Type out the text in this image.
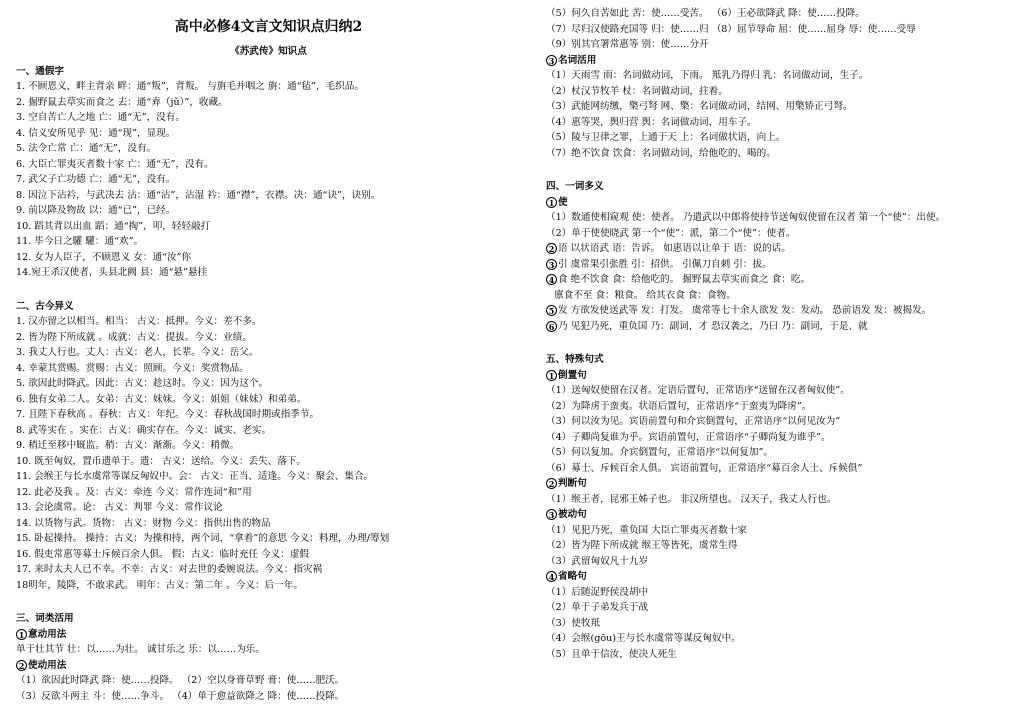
高中必修4文言文知识点归纳2
《苏武传》知识点
一、通假字
1. 不顾恩义，畔主背亲 畔：通“叛”，背叛。 与旃毛并咽之 旃：通“毡”，毛织品。
2. 掘野鼠去草实而食之 去：通“弆（jǔ）”，收藏。
3. 空自苦亡人之地 亡：通“无”，没有。
4. 信义安所见乎 见：通“现”，显现。
5. 法令亡常 亡：通“无”，没有。
6. 大臣亡罪夷灭者数十家 亡：通“无”，没有。
7. 武父子亡功德 亡：通“无”，没有。
8. 因泣下沾衿，与武决去 沾：通“沾”，沾湿 衿：通“襟”，衣襟。决：通“诀”，诀别。
9. 前以降及物故 以：通“已”，已经。
10. 蹈其背以出血 蹈：通“掏”，叩，轻轻敲打
11. 毕今日之驩 驩：通“欢”。
12. 女为人臣子，不顾恩义 女：通“汝”你
14.宛王杀汉使者，头县北阙 县：通“悬”悬挂
二、古今异义
1. 汉亦留之以相当。相当： 古义：抵押。今义：差不多。
2. 皆为陛下所成就 。成就：古义：提拔。今义：业绩。
3. 我丈人行也。丈人：古义：老人，长辈。今义：岳父。
4. 幸蒙其赏赐。赏赐：古义：照顾。今义：奖赏物品。
5. 欲因此时降武。因此：古义：趁这时。今义：因为这个。
6. 独有女弟二人。女弟：古义：妹妹。今义：姐姐（妹妹）和弟弟。
7. 且陛下春秋高 。春秋：古义：年纪。今义：春秋战国时期或指季节。
8. 武等实在 。实在：古义：确实存在。今义：诚实、老实。
9. 稍迁至移中厩监。稍：古义：渐渐。今义：稍微。
10. 既至匈奴，置币遗单于。遗： 古义：送给。今义：丢失、落下。
11. 会缑王与长水虞常等谋反匈奴中。会： 古义：正当、适逢。今义：聚会、集合。
12. 此必及我 。及：古义：牵连 今义：常作连词“和”用
13. 会论虞常。论： 古义：判罪 今义：常作议论
14. 以货物与武。货物： 古义：财物 今义：指供出售的物品
15. 卧起操持。 操持：古义：为操和持，两个词，“拿着”的意思 今义：料理，办理/筹划
16. 假吏常惠等募士斥候百余人俱。 假：古义：临时充任 今义：虚假
17. 来时太夫人已不幸。不幸：古义：对去世的委婉说法。今义：指灾祸
18明年，陵降，不敢求武。 明年：古义：第二年 。今义：后一年。
三、词类活用
1 意动用法
单于壮其节 壮：以……为壮。 诚甘乐之 乐：以……为乐。
2 使动用法
（1）欲因此时降武 降：使……投降。 （2）空以身膏草野 膏：使……肥沃。
（3）反欲斗两主 斗：使……争斗。 （4）单于愈益欲降之 降：使……投降。
（5）何久自苦如此 苦：使……受苦。 （6）王必欲降武 降：使……投降。
（7）尽归汉使路充国等 归：使……归 （8）屈节辱命 屈：使……屈身 辱：使……受辱
（9）别其官署常惠等 别：使……分开
3 名词活用
（1）天雨雪 雨：名词做动词，下雨。 羝乳乃得归 乳：名词做动词，生子。
（2）杖汉节牧羊 杖：名词做动词，拄着。
（3）武能网纺缴，檠弓弩 网、檠：名词做动词，结网、用檠矫正弓弩。
（4）惠等哭，舆归营 舆：名词做动词，用车子。
（5）陵与卫律之罪，上通于天 上：名词做状语，向上。
（7）绝不饮食 饮食：名词做动词，给他吃的、喝的。
四、一词多义
1 使
（1）数通使相窥观 使：使者。 乃遣武以中郎将使持节送匈奴使留在汉者 第一个“使”：出使。
（2）单于使使晓武 第一个“使”：派，第二个“使”：使者。
2 语 以状语武 语：告诉。 如惠语以让单于 语：说的话。
3 引 虞常果引张胜 引：招供。 引佩刀自刺 引：拔。
4 食 绝不饮食 食：给他吃的。 掘野鼠去草实而食之 食：吃。
廪食不至 食：粮食。 给其衣食 食：食物。
5 发 方欲发使送武等 发：打发。 虞常等七十余人欲发 发：发动。 恐前语发 发：被揭发。
6 乃 见犯乃死，重负国 乃：副词，才 恐汉袭之，乃曰 乃：副词，于是、就
五、特殊句式
1 倒置句
（1）送匈奴使留在汉者。定语后置句，正常语序“送留在汉者匈奴使”。
（2）为降虏于蛮夷。状语后置句，正常语序“于蛮夷为降虏”。
（3）何以汝为见。宾语前置句和介宾倒置句，正常语序“以何见汝为”
（4）子卿尚复谁为乎。宾语前置句，正常语序“子卿尚复为谁乎”。
（5）何以复加。介宾倒置句，正常语序“以何复加”。
（6）募士、斥候百余人俱。 宾语前置句，正常语序“募百余人士、斥候俱”
2 判断句
（1）缑王者，昆邪王姊子也。 非汉所望也。 汉天子，我丈人行也。
3 被动句
（1）见犯乃死，重负国 大臣亡罪夷灭者数十家
（2）皆为陛下所成就 缑王等皆死，虞常生得
（3）武留匈奴凡十九岁
4 省略句
（1）后随浞野侯没胡中
（2）单于子弟发兵于战
（3）使牧羝
（4）会缑(gōu)王与长水虞常等谋反匈奴中。
（5）且单于信汝，使决人死生
